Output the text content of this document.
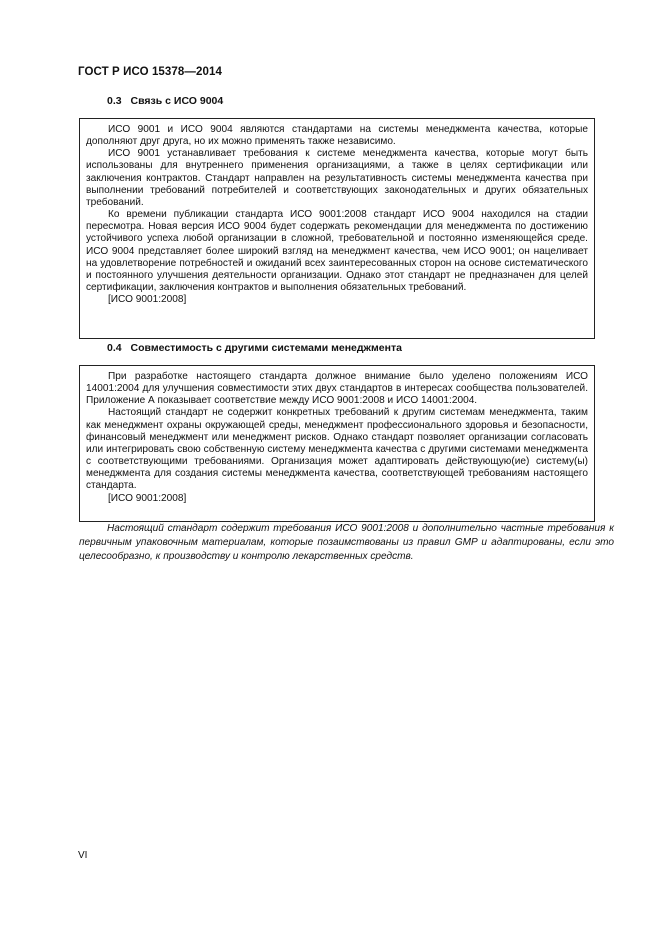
ГОСТ Р ИСО 15378—2014
0.3 Связь с ИСО 9004

ИСО 9001 и ИСО 9004 являются стандартами на системы менеджмента качества, которые дополняют друг друга, но их можно применять также независимо.

ИСО 9001 устанавливает требования к системе менеджмента качества, которые могут быть использованы для внутреннего применения организациями, а также в целях сертификации или заключения контрактов. Стандарт направлен на результативность системы менеджмента качества при выполнении требований потребителей и соответствующих законодательных и других обязательных требований.

Ко времени публикации стандарта ИСО 9001:2008 стандарт ИСО 9004 находился на стадии пересмотра. Новая версия ИСО 9004 будет содержать рекомендации для менеджмента по достижению устойчивого успеха любой организации в сложной, требовательной и постоянно изменяющейся среде. ИСО 9004 представляет более широкий взгляд на менеджмент качества, чем ИСО 9001; он нацеливает на удовлетворение потребностей и ожиданий всех заинтересованных сторон на основе систематического и постоянного улучшения деятельности организации. Однако этот стандарт не предназначен для целей сертификации, заключения контрактов и выполнения обязательных требований.

[ИСО 9001:2008]

0.4 Совместимость с другими системами менеджмента

При разработке настоящего стандарта должное внимание было уделено положениям ИСО 14001:2004 для улучшения совместимости этих двух стандартов в интересах сообщества пользователей. Приложение А показывает соответствие между ИСО 9001:2008 и ИСО 14001:2004.

Настоящий стандарт не содержит конкретных требований к другим системам менеджмента, таким как менеджмент охраны окружающей среды, менеджмент профессионального здоровья и безопасности, финансовый менеджмент или менеджмент рисков. Однако стандарт позволяет организации согласовать или интегрировать свою собственную систему менеджмента качества с другими системами менеджмента с соответствующими требованиями. Организация может адаптировать действующую(ие) систему(ы) менеджмента для создания системы менеджмента качества, соответствующей требованиям настоящего стандарта.

[ИСО 9001:2008]

Настоящий стандарт содержит требования ИСО 9001:2008 и дополнительно частные требования к первичным упаковочным материалам, которые позаимствованы из правил GMP и адаптированы, если это целесообразно, к производству и контролю лекарственных средств.

VI
